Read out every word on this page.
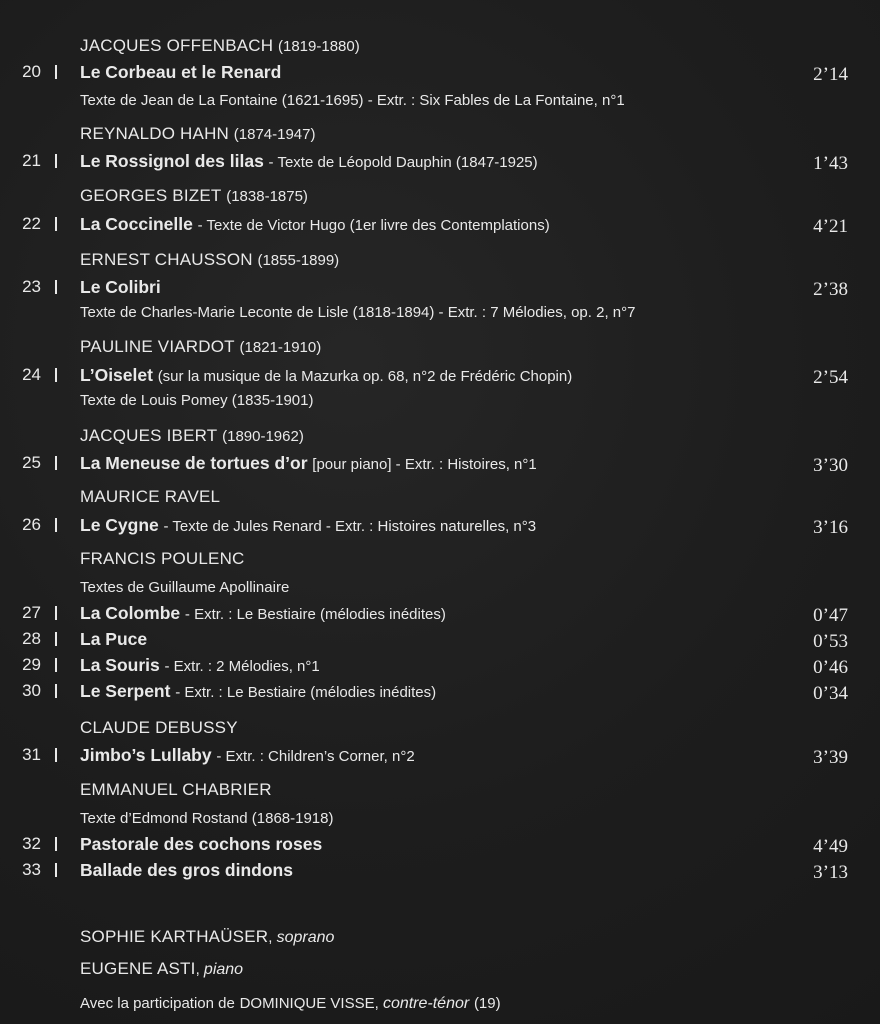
JACQUES OFFENBACH (1819-1880)
20 Le Corbeau et le Renard	2’14
Texte de Jean de La Fontaine (1621-1695) - Extr. : Six Fables de La Fontaine, n°1
REYNALDO HAHN (1874-1947)
21 Le Rossignol des lilas - Texte de Léopold Dauphin (1847-1925)	1’43
GEORGES BIZET (1838-1875)
22 La Coccinelle - Texte de Victor Hugo (1er livre des Contemplations)	4’21
ERNEST CHAUSSON (1855-1899)
23 Le Colibri	2’38
Texte de Charles-Marie Leconte de Lisle (1818-1894) - Extr. : 7 Mélodies, op. 2, n°7
PAULINE VIARDOT (1821-1910)
24 L’Oiselet (sur la musique de la Mazurka op. 68, n°2 de Frédéric Chopin)	2’54
Texte de Louis Pomey (1835-1901)
JACQUES IBERT (1890-1962)
25 La Meneuse de tortues d’or [pour piano] - Extr. : Histoires, n°1	3’30
MAURICE RAVEL
26 Le Cygne - Texte de Jules Renard - Extr. : Histoires naturelles, n°3	3’16
FRANCIS POULENC
Textes de Guillaume Apollinaire
27 La Colombe - Extr. : Le Bestiaire (mélodies inédites)	0’47
28 La Puce	0’53
29 La Souris - Extr. : 2 Mélodies, n°1	0’46
30 Le Serpent - Extr. : Le Bestiaire (mélodies inédites)	0’34
CLAUDE DEBUSSY
31 Jimbo’s Lullaby - Extr. : Children’s Corner, n°2	3’39
EMMANUEL CHABRIER
Texte d’Edmond Rostand (1868-1918)
32 Pastorale des cochons roses	4’49
33 Ballade des gros dindons	3’13
SOPHIE KARTHAÜSER, soprano
EUGENE ASTI, piano
Avec la participation de DOMINIQUE VISSE, contre-ténor (19)
